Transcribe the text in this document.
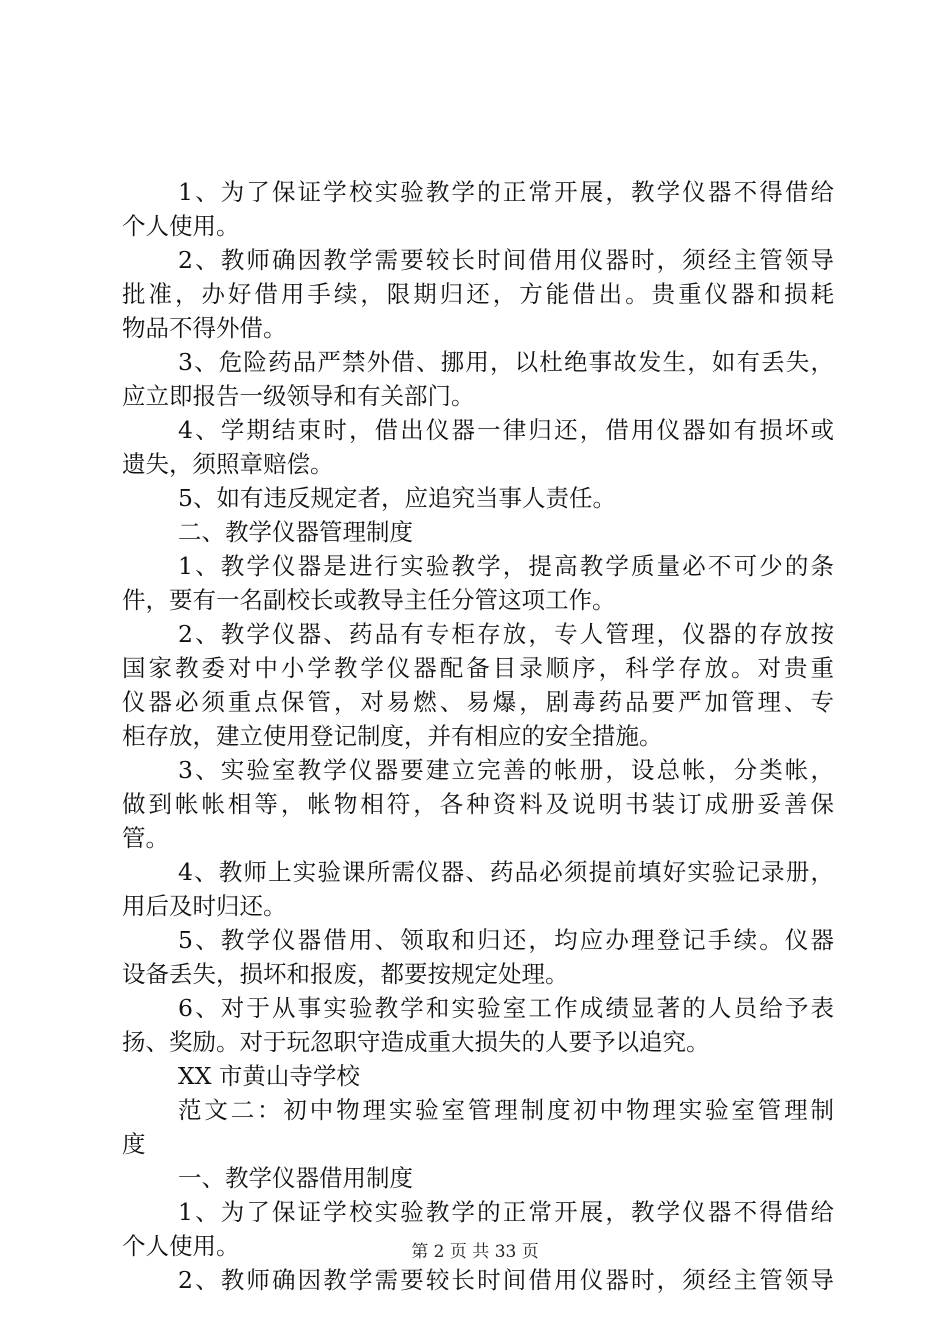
1、为了保证学校实验教学的正常开展，教学仪器不得借给
个人使用。
2、教师确因教学需要较长时间借用仪器时，须经主管领导
批准，办好借用手续，限期归还，方能借出。贵重仪器和损耗
物品不得外借。
3、危险药品严禁外借、挪用，以杜绝事故发生，如有丢失，
应立即报告一级领导和有关部门。
4、学期结束时，借出仪器一律归还，借用仪器如有损坏或
遗失，须照章赔偿。
5、如有违反规定者，应追究当事人责任。
二、教学仪器管理制度
1、教学仪器是进行实验教学，提高教学质量必不可少的条
件，要有一名副校长或教导主任分管这项工作。
2、教学仪器、药品有专柜存放，专人管理，仪器的存放按
国家教委对中小学教学仪器配备目录顺序，科学存放。对贵重
仪器必须重点保管，对易燃、易爆，剧毒药品要严加管理、专
柜存放，建立使用登记制度，并有相应的安全措施。
3、实验室教学仪器要建立完善的帐册，设总帐，分类帐，
做到帐帐相等，帐物相符，各种资料及说明书装订成册妥善保
管。
4、教师上实验课所需仪器、药品必须提前填好实验记录册，
用后及时归还。
5、教学仪器借用、领取和归还，均应办理登记手续。仪器
设备丢失，损坏和报废，都要按规定处理。
6、对于从事实验教学和实验室工作成绩显著的人员给予表
扬、奖励。对于玩忽职守造成重大损失的人要予以追究。
XX 市黄山寺学校
范文二：初中物理实验室管理制度初中物理实验室管理制
度
一、教学仪器借用制度
1、为了保证学校实验教学的正常开展，教学仪器不得借给
个人使用。
2、教师确因教学需要较长时间借用仪器时，须经主管领导
第 2 页 共 33 页
